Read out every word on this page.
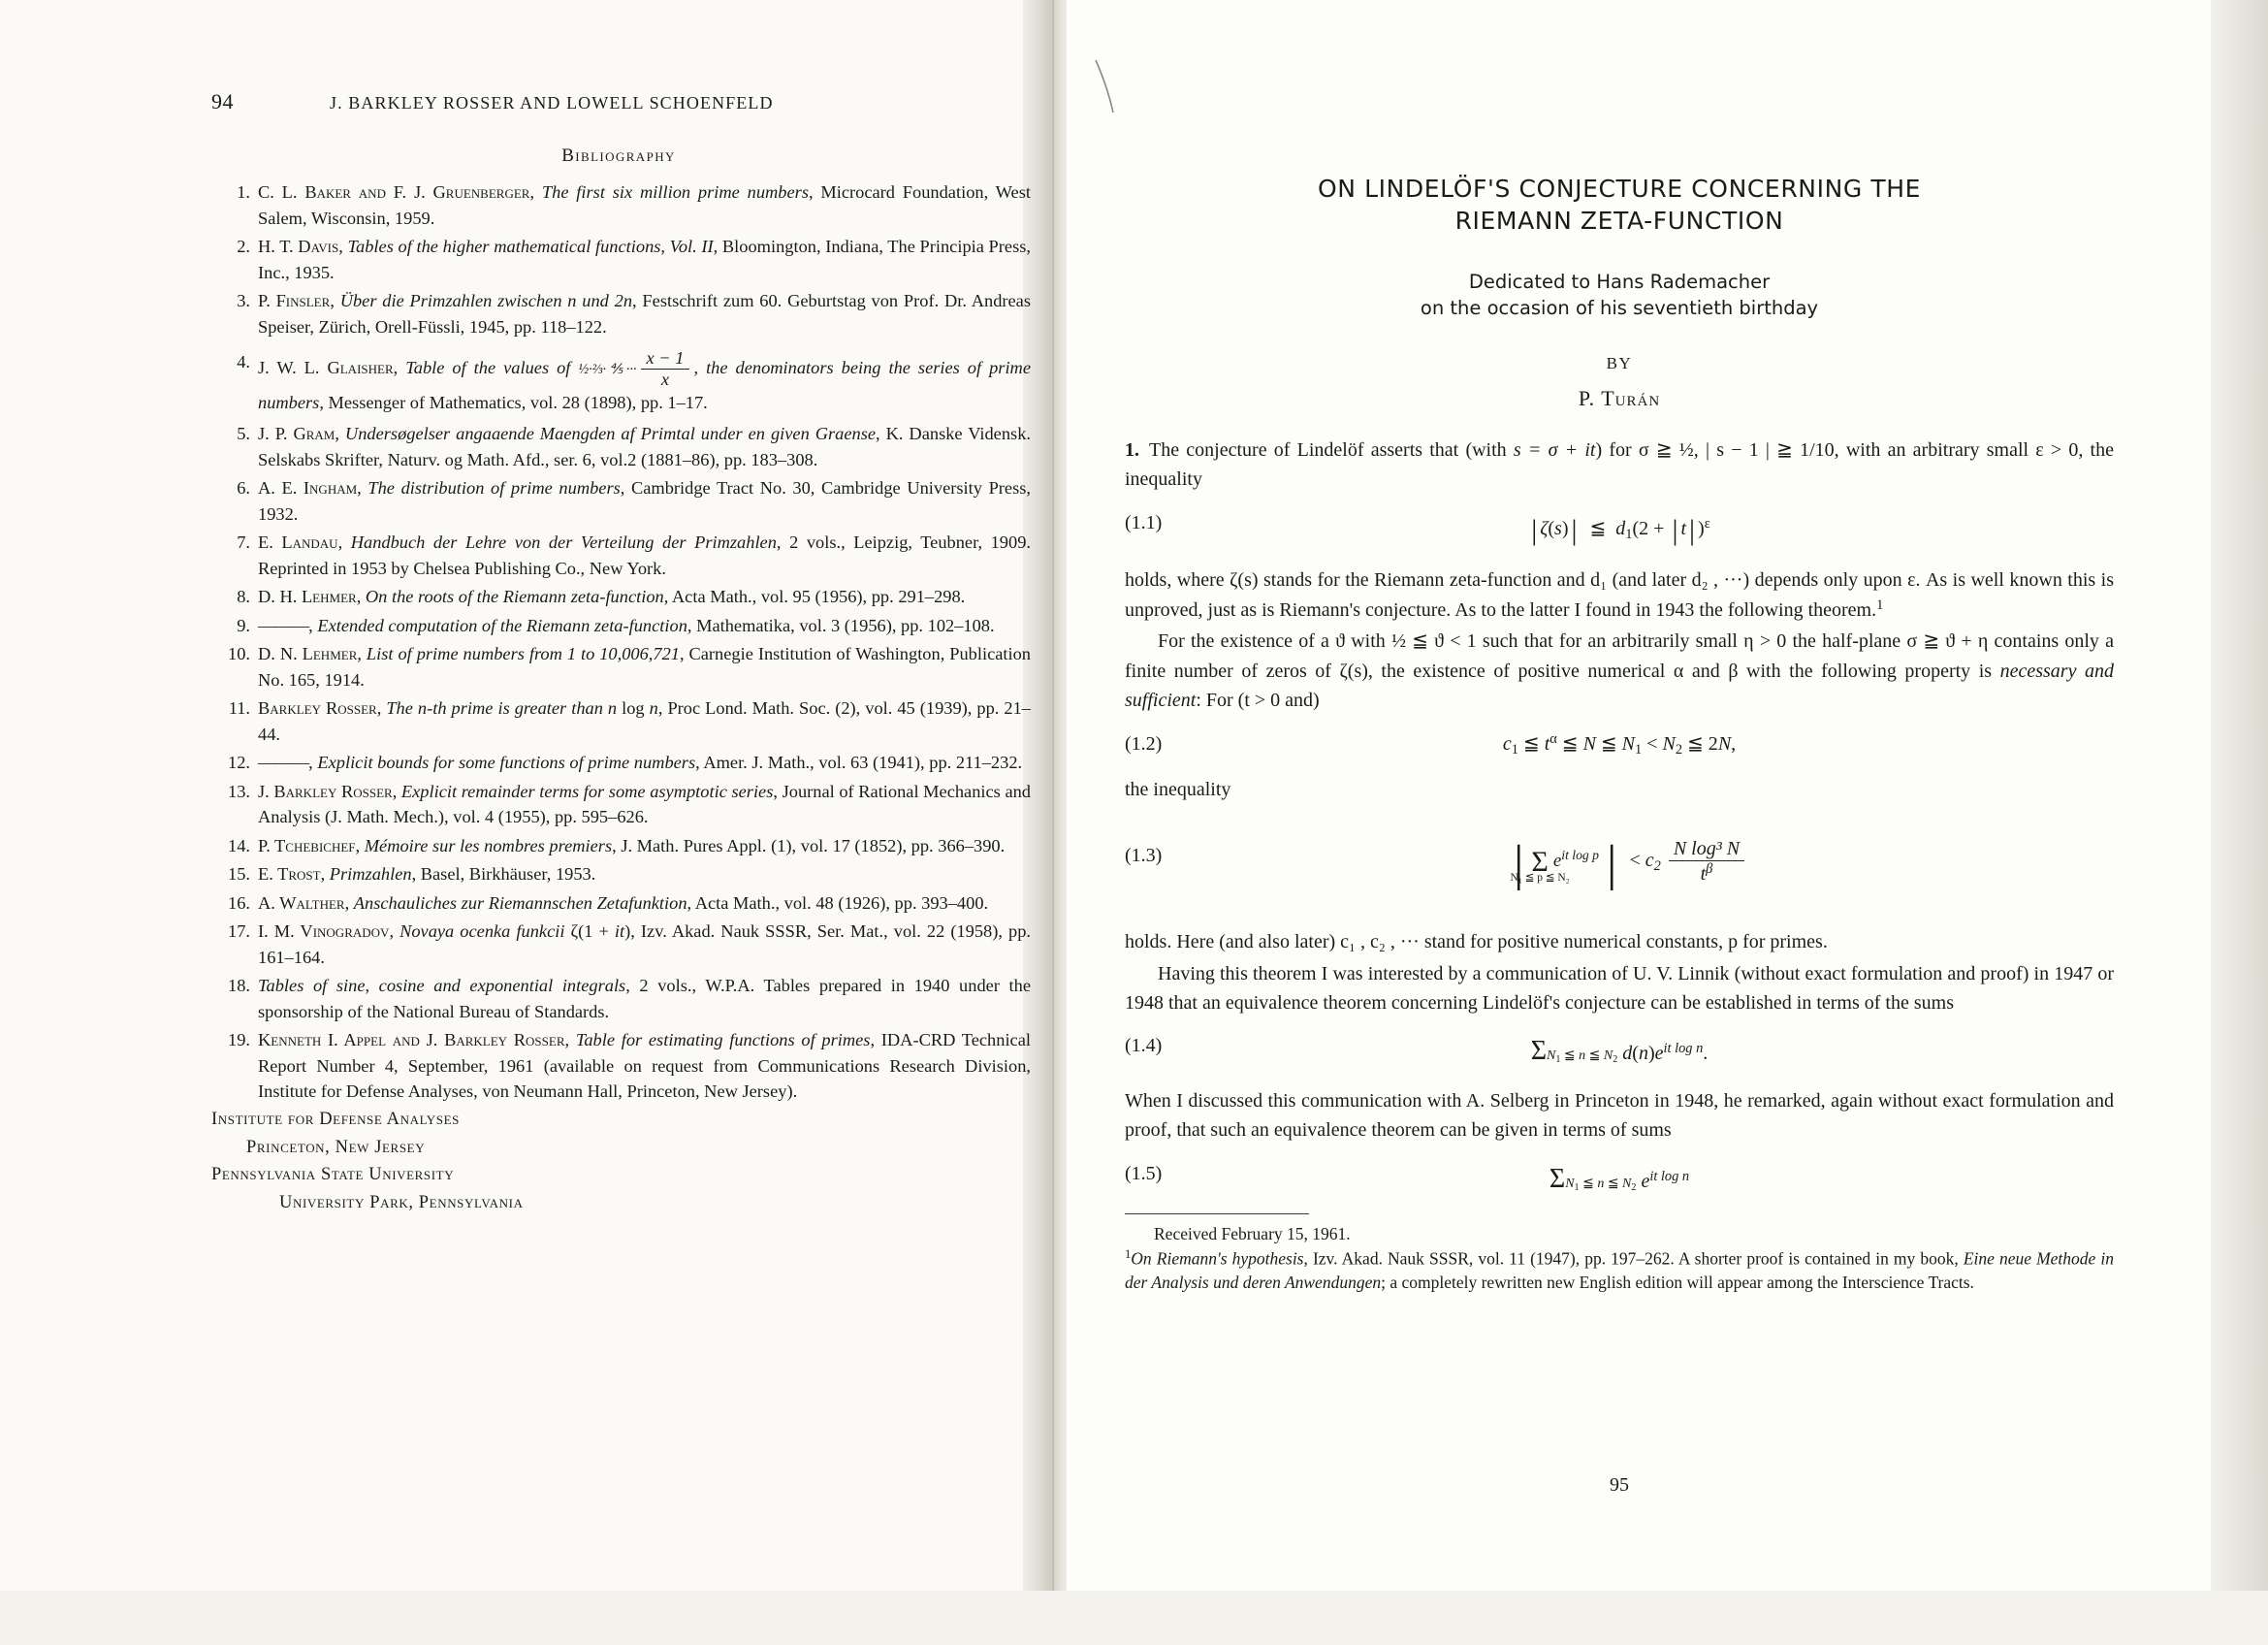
94	J. BARKLEY ROSSER AND LOWELL SCHOENFELD
Bibliography
1. C. L. Baker and F. J. Gruenberger, The first six million prime numbers, Microcard Foundation, West Salem, Wisconsin, 1959.
2. H. T. Davis, Tables of the higher mathematical functions, Vol. II, Bloomington, Indiana, The Principia Press, Inc., 1935.
3. P. Finsler, Über die Primzahlen zwischen n und 2n, Festschrift zum 60. Geburtstag von Prof. Dr. Andreas Speiser, Zürich, Orell-Füssli, 1945, pp. 118–122.
4. J. W. L. Glaisher, Table of the values of ½·⅔·⅘··· $\frac{x - 1}{x}$ , the denominators being the series of prime numbers, Messenger of Mathematics, vol. 28 (1898), pp. 1–17.
5. J. P. Gram, Undersøgelser angaaende Maengden af Primtal under en given Graense, K. Danske Vidensk. Selskabs Skrifter, Naturv. og Math. Afd., ser. 6, vol.2 (1881–86), pp. 183–308.
6. A. E. Ingham, The distribution of prime numbers, Cambridge Tract No. 30, Cambridge University Press, 1932.
7. E. Landau, Handbuch der Lehre von der Verteilung der Primzahlen, 2 vols., Leipzig, Teubner, 1909. Reprinted in 1953 by Chelsea Publishing Co., New York.
8. D. H. Lehmer, On the roots of the Riemann zeta-function, Acta Math., vol. 95 (1956), pp. 291–298.
9. ———, Extended computation of the Riemann zeta-function, Mathematika, vol. 3 (1956), pp. 102–108.
10. D. N. Lehmer, List of prime numbers from 1 to 10,006,721, Carnegie Institution of Washington, Publication No. 165, 1914.
11. Barkley Rosser, The n-th prime is greater than n log n, Proc Lond. Math. Soc. (2), vol. 45 (1939), pp. 21–44.
12. ———, Explicit bounds for some functions of prime numbers, Amer. J. Math., vol. 63 (1941), pp. 211–232.
13. J. Barkley Rosser, Explicit remainder terms for some asymptotic series, Journal of Rational Mechanics and Analysis (J. Math. Mech.), vol. 4 (1955), pp. 595–626.
14. P. Tchebichef, Mémoire sur les nombres premiers, J. Math. Pures Appl. (1), vol. 17 (1852), pp. 366–390.
15. E. Trost, Primzahlen, Basel, Birkhäuser, 1953.
16. A. Walther, Anschauliches zur Riemannschen Zetafunktion, Acta Math., vol. 48 (1926), pp. 393–400.
17. I. M. Vinogradov, Novaya ocenka funkcii ζ(1 + it), Izv. Akad. Nauk SSSR, Ser. Mat., vol. 22 (1958), pp. 161–164.
18. Tables of sine, cosine and exponential integrals, 2 vols., W.P.A. Tables prepared in 1940 under the sponsorship of the National Bureau of Standards.
19. Kenneth I. Appel and J. Barkley Rosser, Table for estimating functions of primes, IDA-CRD Technical Report Number 4, September, 1961 (available on request from Communications Research Division, Institute for Defense Analyses, von Neumann Hall, Princeton, New Jersey).
Institute for Defense Analyses
Princeton, New Jersey
Pennsylvania State University
University Park, Pennsylvania
ON LINDELÖF'S CONJECTURE CONCERNING THE
RIEMANN ZETA-FUNCTION
Dedicated to Hans Rademacher
on the occasion of his seventieth birthday
BY
P. Turán

1. The conjecture of Lindelöf asserts that (with s = σ + it) for σ ≧ ½, | s − 1 | ≧ 1/10, with an arbitrary small ε > 0, the inequality

(1.1)	| ζ(s) |  ≦  $d_1(2$ + | t | )$^\varepsilon$

holds, where ζ(s) stands for the Riemann zeta-function and d₁ (and later d₂ , ···) depends only upon ε. As is well known this is unproved, just as is Riemann's conjecture. As to the latter I found in 1943 the following theorem.$^1$

For the existence of a ϑ with ½ ≦ ϑ < 1 such that for an arbitrarily small η > 0 the half-plane σ ≧ ϑ + η contains only a finite number of zeros of ζ(s), the existence of positive numerical α and β with the following property is necessary and sufficient: For (t > 0 and)

(1.2)	$c_1$ ≦ $t^\alpha$ ≦ N ≦ $N_1 < N_2$ ≦ 2N,

the inequality

(1.3)	| Σ
N₁ ≦ p ≦ N₂
$e^{it log p}$ |  < $c_2 \frac{\text{N log³ N}}{t^\beta}$

holds. Here (and also later) c₁ , c₂ , ··· stand for positive numerical constants, p for primes.

Having this theorem I was interested by a communication of U. V. Linnik (without exact formulation and proof) in 1947 or 1948 that an equivalence theorem concerning Lindelöf's conjecture can be established in terms of the sums

(1.4)	$\Sigma N_1$ ≦ n ≦ $N_2$ $d(n)e^{it log n}$.

When I discussed this communication with A. Selberg in Princeton in 1948, he remarked, again without exact formulation and proof, that such an equivalence theorem can be given in terms of sums

(1.5)	$\Sigma N_1$ ≦ n ≦ $N_2$ $e^{it log n}$
Received February 15, 1961.
$^1$On Riemann's hypothesis, Izv. Akad. Nauk SSSR, vol. 11 (1947), pp. 197–262. A shorter proof is contained in my book, Eine neue Methode in der Analysis und deren Anwendungen; a completely rewritten new English edition will appear among the Interscience Tracts.
95
